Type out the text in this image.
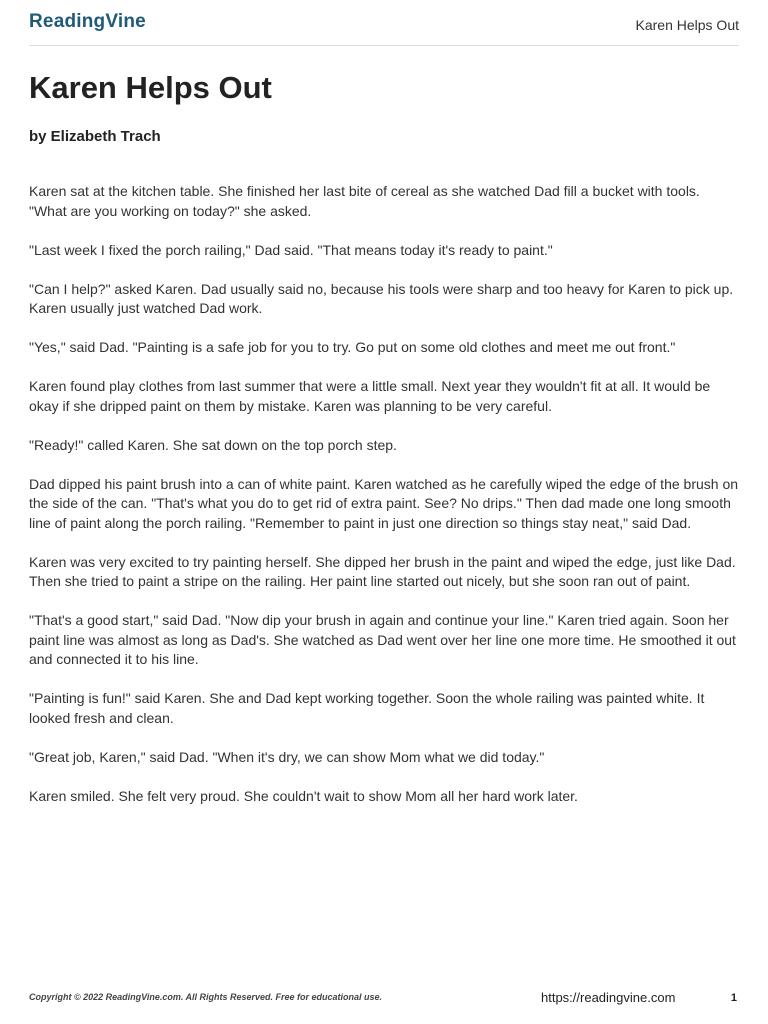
ReadingVine	Karen Helps Out
Karen Helps Out
by Elizabeth Trach

Karen sat at the kitchen table. She finished her last bite of cereal as she watched Dad fill a bucket with tools. "What are you working on today?" she asked.

"Last week I fixed the porch railing," Dad said. "That means today it's ready to paint."

"Can I help?" asked Karen. Dad usually said no, because his tools were sharp and too heavy for Karen to pick up. Karen usually just watched Dad work.

"Yes," said Dad. "Painting is a safe job for you to try. Go put on some old clothes and meet me out front."

Karen found play clothes from last summer that were a little small. Next year they wouldn't fit at all. It would be okay if she dripped paint on them by mistake. Karen was planning to be very careful.

"Ready!" called Karen. She sat down on the top porch step.

Dad dipped his paint brush into a can of white paint. Karen watched as he carefully wiped the edge of the brush on the side of the can. "That's what you do to get rid of extra paint. See? No drips." Then dad made one long smooth line of paint along the porch railing. "Remember to paint in just one direction so things stay neat," said Dad.

Karen was very excited to try painting herself. She dipped her brush in the paint and wiped the edge, just like Dad. Then she tried to paint a stripe on the railing. Her paint line started out nicely, but she soon ran out of paint.

"That's a good start," said Dad. "Now dip your brush in again and continue your line." Karen tried again. Soon her paint line was almost as long as Dad's. She watched as Dad went over her line one more time. He smoothed it out and connected it to his line.

"Painting is fun!" said Karen. She and Dad kept working together. Soon the whole railing was painted white. It looked fresh and clean.

"Great job, Karen," said Dad. "When it's dry, we can show Mom what we did today."

Karen smiled. She felt very proud. She couldn't wait to show Mom all her hard work later.

Copyright © 2022 ReadingVine.com. All Rights Reserved. Free for educational use.	https://readingvine.com	1
